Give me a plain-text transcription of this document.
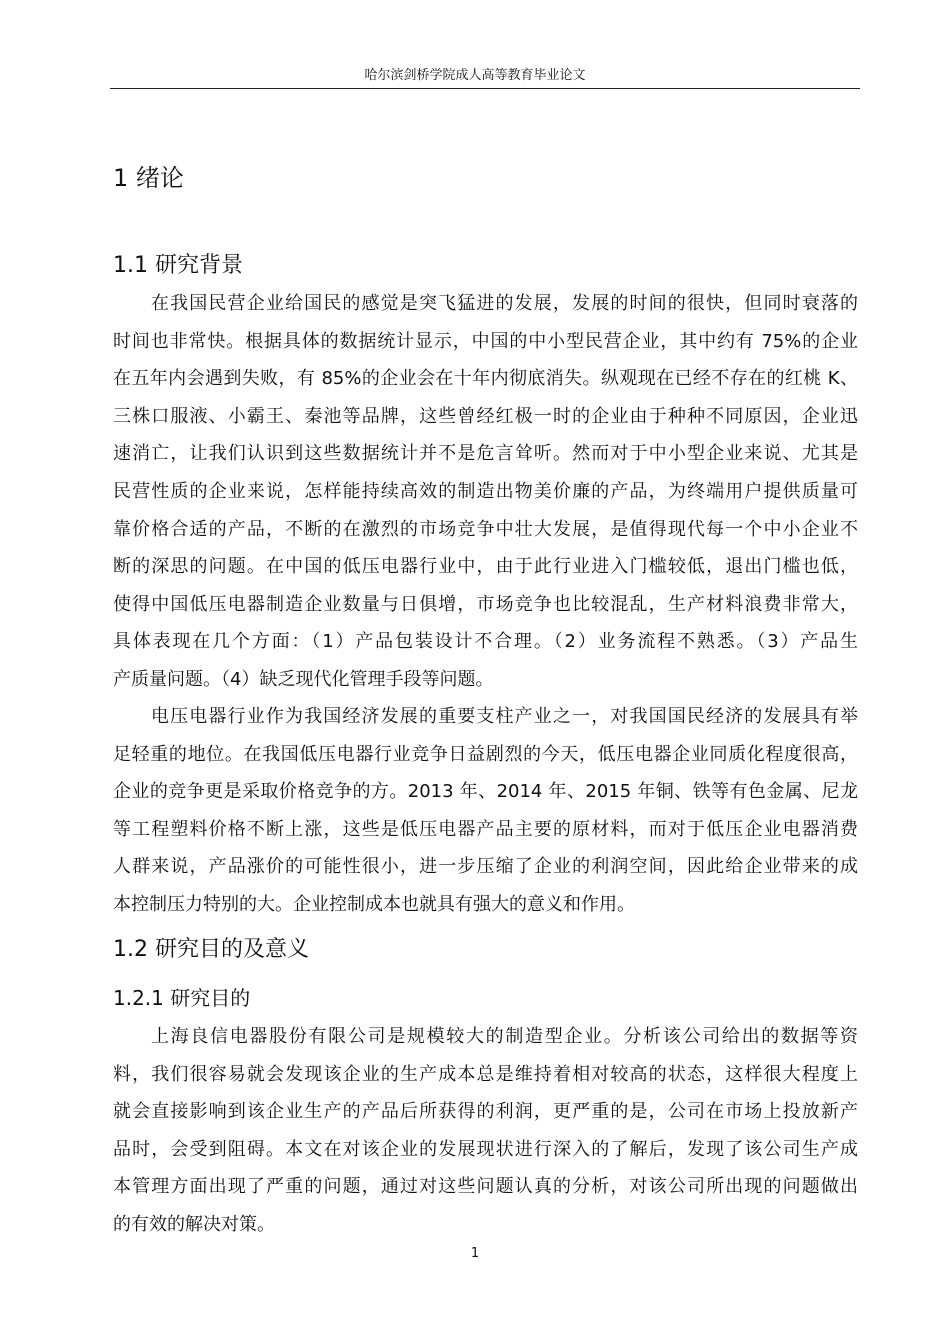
哈尔滨剑桥学院成人高等教育毕业论文
1 绪论
1.1 研究背景
在我国民营企业给国民的感觉是突飞猛进的发展，发展的时间的很快，但同时衰落的
时间也非常快。根据具体的数据统计显示，中国的中小型民营企业，其中约有 75%的企业
在五年内会遇到失败，有 85%的企业会在十年内彻底消失。纵观现在已经不存在的红桃 K、
三株口服液、小霸王、秦池等品牌，这些曾经红极一时的企业由于种种不同原因，企业迅
速消亡，让我们认识到这些数据统计并不是危言耸听。然而对于中小型企业来说、尤其是
民营性质的企业来说，怎样能持续高效的制造出物美价廉的产品，为终端用户提供质量可
靠价格合适的产品，不断的在激烈的市场竞争中壮大发展，是值得现代每一个中小企业不
断的深思的问题。在中国的低压电器行业中，由于此行业进入门槛较低，退出门槛也低，
使得中国低压电器制造企业数量与日俱增，市场竞争也比较混乱，生产材料浪费非常大，
具体表现在几个方面：（1）产品包装设计不合理。（2）业务流程不熟悉。（3）产品生
产质量问题。（4）缺乏现代化管理手段等问题。
电压电器行业作为我国经济发展的重要支柱产业之一，对我国国民经济的发展具有举
足轻重的地位。在我国低压电器行业竞争日益剧烈的今天，低压电器企业同质化程度很高，
企业的竞争更是采取价格竞争的方。2013 年、2014 年、2015 年铜、铁等有色金属、尼龙
等工程塑料价格不断上涨，这些是低压电器产品主要的原材料，而对于低压企业电器消费
人群来说，产品涨价的可能性很小，进一步压缩了企业的利润空间，因此给企业带来的成
本控制压力特别的大。企业控制成本也就具有强大的意义和作用。
1.2 研究目的及意义
1.2.1 研究目的
上海良信电器股份有限公司是规模较大的制造型企业。分析该公司给出的数据等资
料，我们很容易就会发现该企业的生产成本总是维持着相对较高的状态，这样很大程度上
就会直接影响到该企业生产的产品后所获得的利润，更严重的是，公司在市场上投放新产
品时，会受到阻碍。本文在对该企业的发展现状进行深入的了解后，发现了该公司生产成
本管理方面出现了严重的问题，通过对这些问题认真的分析，对该公司所出现的问题做出
的有效的解决对策。
1
